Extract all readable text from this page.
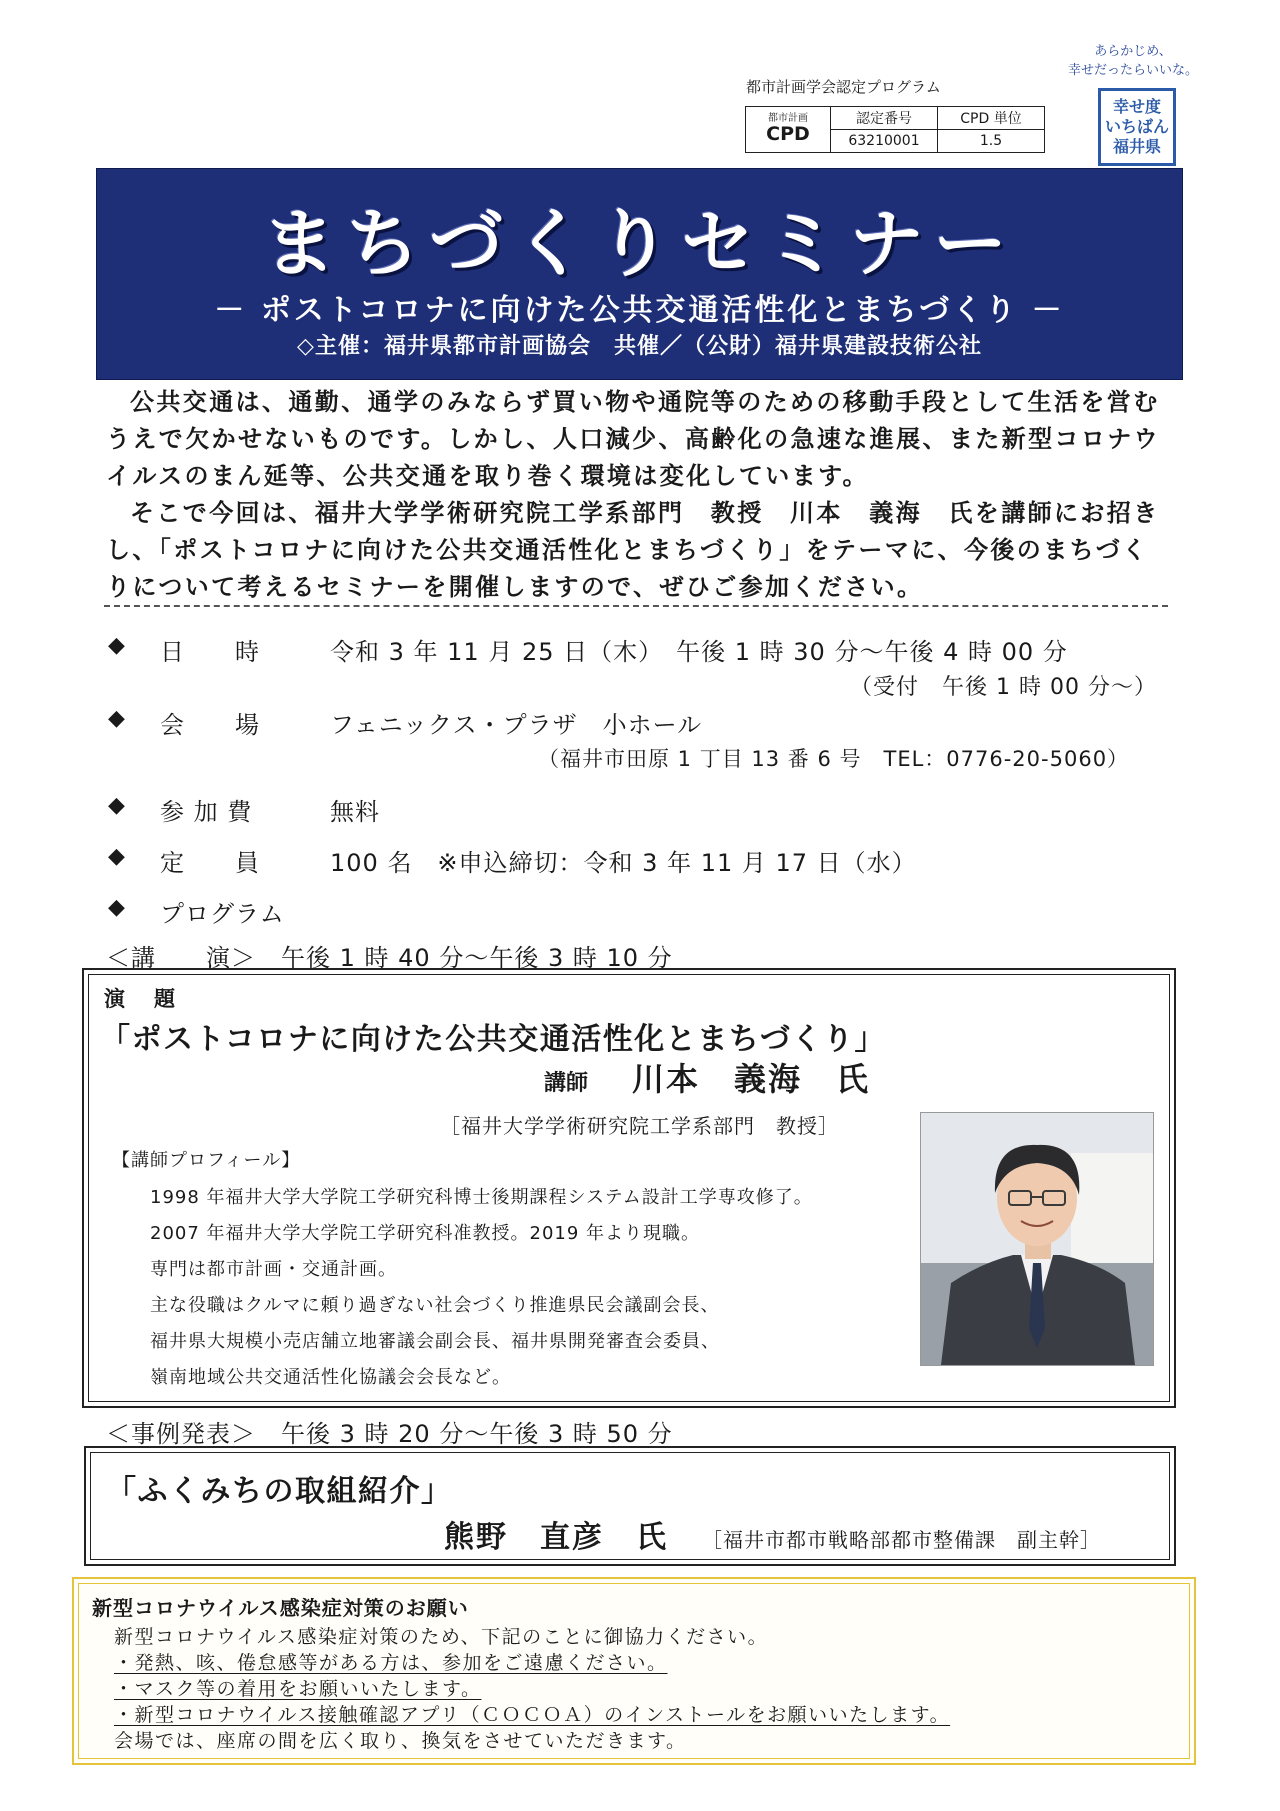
都市計画学会認定プログラム
都市計画
CPD	認定番号	CPD 単位
	63210001	1.5
あらかじめ、
幸せだったらいいな。
幸せ度
いちばん
福井県
まちづくりセミナー
－ ポストコロナに向けた公共交通活性化とまちづくり －
◇主催：福井県都市計画協会　共催／（公財）福井県建設技術公社

公共交通は、通勤、通学のみならず買い物や通院等のための移動手段として生活を営むうえで欠かせないものです。しかし、人口減少、高齢化の急速な進展、また新型コロナウイルスのまん延等、公共交通を取り巻く環境は変化しています。

そこで今回は、福井大学学術研究院工学系部門　教授　川本　義海　氏を講師にお招きし、「ポストコロナに向けた公共交通活性化とまちづくり」をテーマに、今後のまちづくりについて考えるセミナーを開催しますので、ぜひご参加ください。

◆ 日　　時	令和 3 年 11 月 25 日（木）　午後 1 時 30 分～午後 4 時 00 分
（受付　午後 1 時 00 分～）
◆ 会　　場	フェニックス・プラザ　小ホール
（福井市田原 1 丁目 13 番 6 号　TEL：0776-20-5060）
◆ 参 加 費	無料
◆ 定　　員	100 名　※申込締切：令和 3 年 11 月 17 日（水）
◆ プログラム
＜講　　演＞　午後 1 時 40 分～午後 3 時 10 分
演　題
「ポストコロナに向けた公共交通活性化とまちづくり」
講師 川本　義海　氏
［福井大学学術研究院工学系部門　教授］
【講師プロフィール】
1998 年福井大学大学院工学研究科博士後期課程システム設計工学専攻修了。
2007 年福井大学大学院工学研究科准教授。2019 年より現職。
専門は都市計画・交通計画。
主な役職はクルマに頼り過ぎない社会づくり推進県民会議副会長、
福井県大規模小売店舗立地審議会副会長、福井県開発審査会委員、
嶺南地域公共交通活性化協議会会長など。
＜事例発表＞　午後 3 時 20 分～午後 3 時 50 分
「ふくみちの取組紹介」
熊野　直彦　氏 ［福井市都市戦略部都市整備課　副主幹］
新型コロナウイルス感染症対策のお願い
新型コロナウイルス感染症対策のため、下記のことに御協力ください。
・発熱、咳、倦怠感等がある方は、参加をご遠慮ください。
・マスク等の着用をお願いいたします。
・新型コロナウイルス接触確認アプリ（ＣＯＣＯＡ）のインストールをお願いいたします。
会場では、座席の間を広く取り、換気をさせていただきます。
